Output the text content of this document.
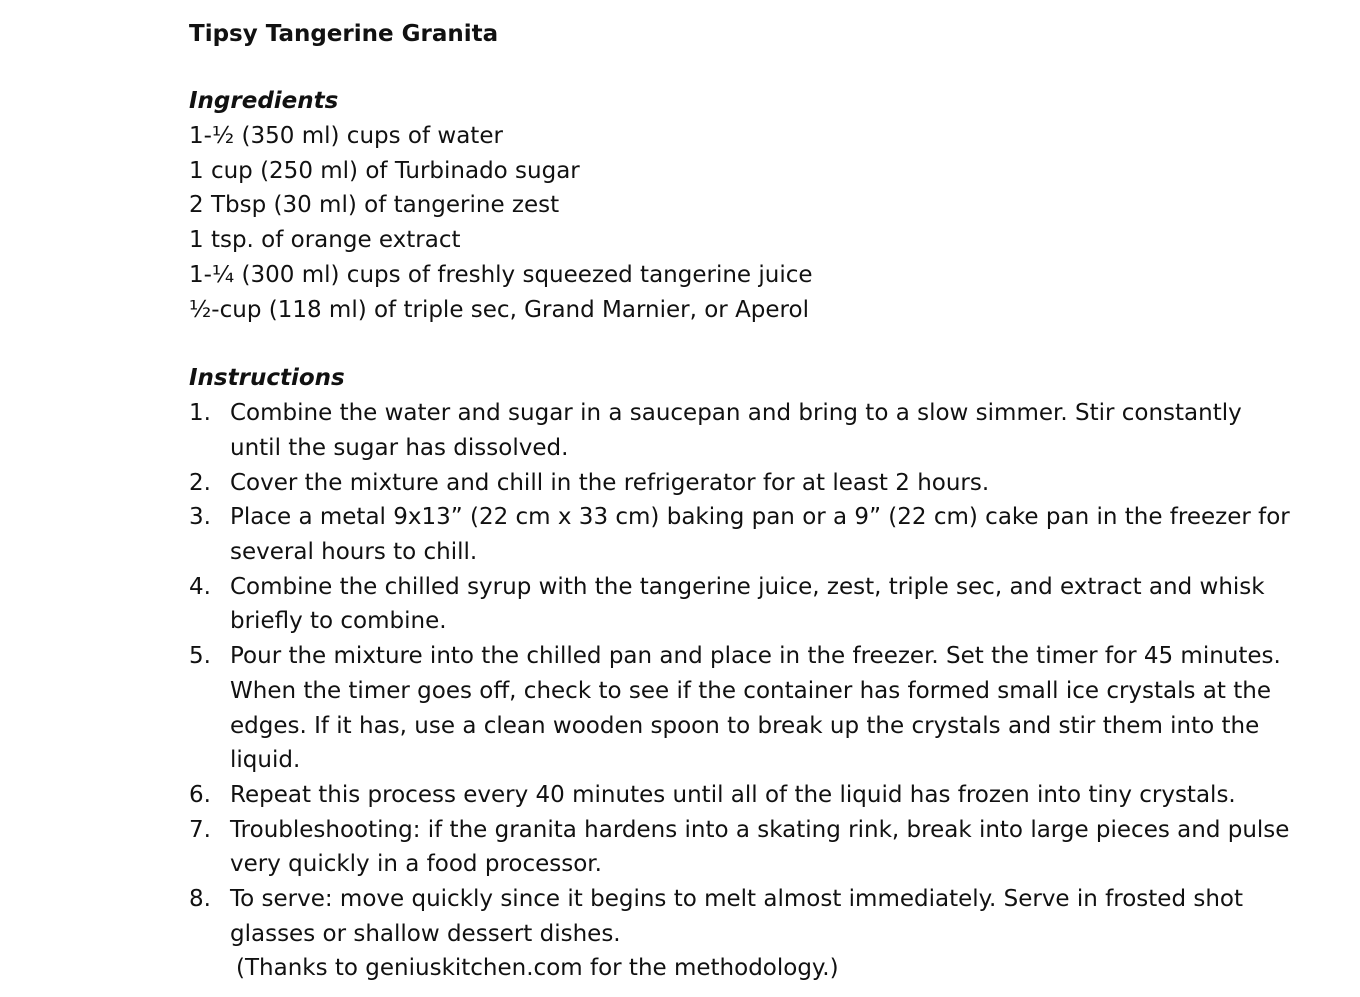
Tipsy Tangerine Granita
Ingredients
1-½ (350 ml) cups of water
1 cup (250 ml) of Turbinado sugar
2 Tbsp (30 ml) of tangerine zest
1 tsp. of orange extract
1-¼ (300 ml) cups of freshly squeezed tangerine juice
½-cup (118 ml) of triple sec, Grand Marnier, or Aperol
Instructions
1. Combine the water and sugar in a saucepan and bring to a slow simmer. Stir constantly until the sugar has dissolved.
2. Cover the mixture and chill in the refrigerator for at least 2 hours.
3. Place a metal 9x13” (22 cm x 33 cm) baking pan or a 9” (22 cm) cake pan in the freezer for several hours to chill.
4. Combine the chilled syrup with the tangerine juice, zest, triple sec, and extract and whisk briefly to combine.
5. Pour the mixture into the chilled pan and place in the freezer. Set the timer for 45 minutes. When the timer goes off, check to see if the container has formed small ice crystals at the edges. If it has, use a clean wooden spoon to break up the crystals and stir them into the liquid.
6. Repeat this process every 40 minutes until all of the liquid has frozen into tiny crystals.
7. Troubleshooting: if the granita hardens into a skating rink, break into large pieces and pulse very quickly in a food processor.
8. To serve: move quickly since it begins to melt almost immediately. Serve in frosted shot glasses or shallow dessert dishes.

(Thanks to geniuskitchen.com for the methodology.)
